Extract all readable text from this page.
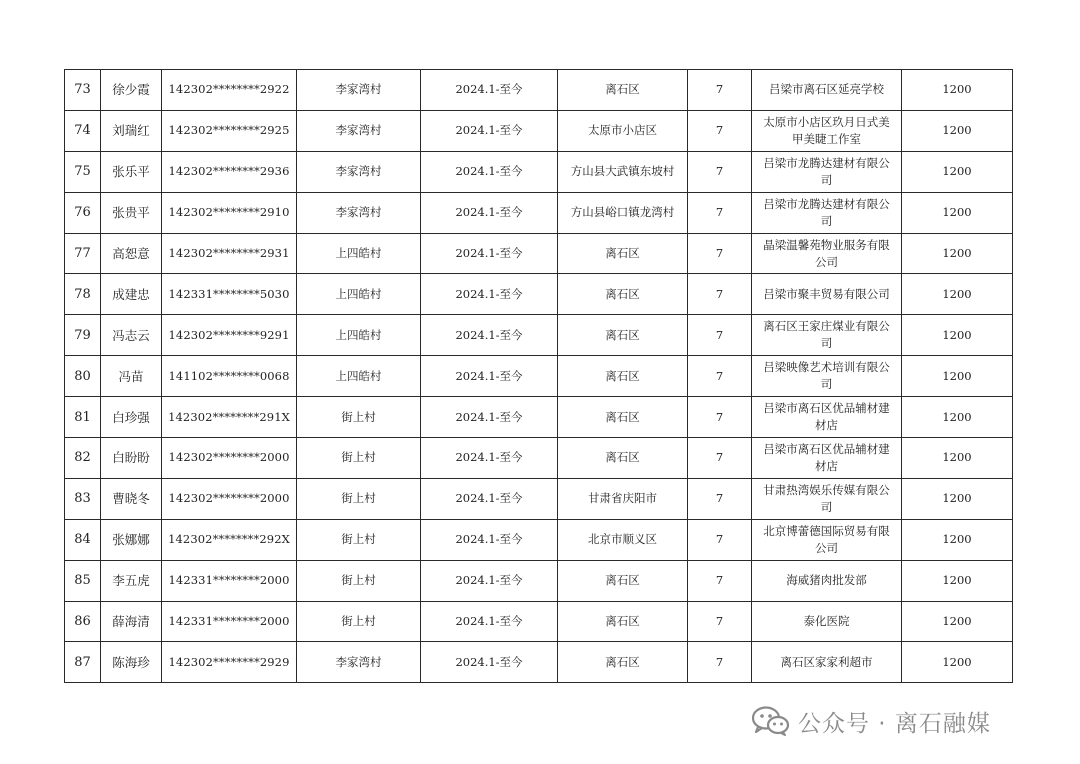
73	徐少霞	142302********2922	李家湾村	2024.1-至今	离石区	7	吕梁市离石区延亮学校	1200
74	刘瑞红	142302********2925	李家湾村	2024.1-至今	太原市小店区	7	太原市小店区玖月日式美甲美睫工作室	1200
75	张乐平	142302********2936	李家湾村	2024.1-至今	方山县大武镇东坡村	7	吕梁市龙腾达建材有限公司	1200
76	张贵平	142302********2910	李家湾村	2024.1-至今	方山县峪口镇龙湾村	7	吕梁市龙腾达建材有限公司	1200
77	高恕意	142302********2931	上四皓村	2024.1-至今	离石区	7	晶梁温馨苑物业服务有限公司	1200
78	成建忠	142331********5030	上四皓村	2024.1-至今	离石区	7	吕梁市聚丰贸易有限公司	1200
79	冯志云	142302********9291	上四皓村	2024.1-至今	离石区	7	离石区王家庄煤业有限公司	1200
80	冯苗	141102********0068	上四皓村	2024.1-至今	离石区	7	吕梁映像艺术培训有限公司	1200
81	白珍强	142302********291X	街上村	2024.1-至今	离石区	7	吕梁市离石区优品辅材建材店	1200
82	白盼盼	142302********2000	街上村	2024.1-至今	离石区	7	吕梁市离石区优品辅材建材店	1200
83	曹晓冬	142302********2000	街上村	2024.1-至今	甘肃省庆阳市	7	甘肃热湾娱乐传媒有限公司	1200
84	张娜娜	142302********292X	街上村	2024.1-至今	北京市顺义区	7	北京博蕾德国际贸易有限公司	1200
85	李五虎	142331********2000	街上村	2024.1-至今	离石区	7	海威猪肉批发部	1200
86	薛海清	142331********2000	街上村	2024.1-至今	离石区	7	泰化医院	1200
87	陈海珍	142302********2929	李家湾村	2024.1-至今	离石区	7	离石区家家利超市	1200
公众号 · 离石融媒
